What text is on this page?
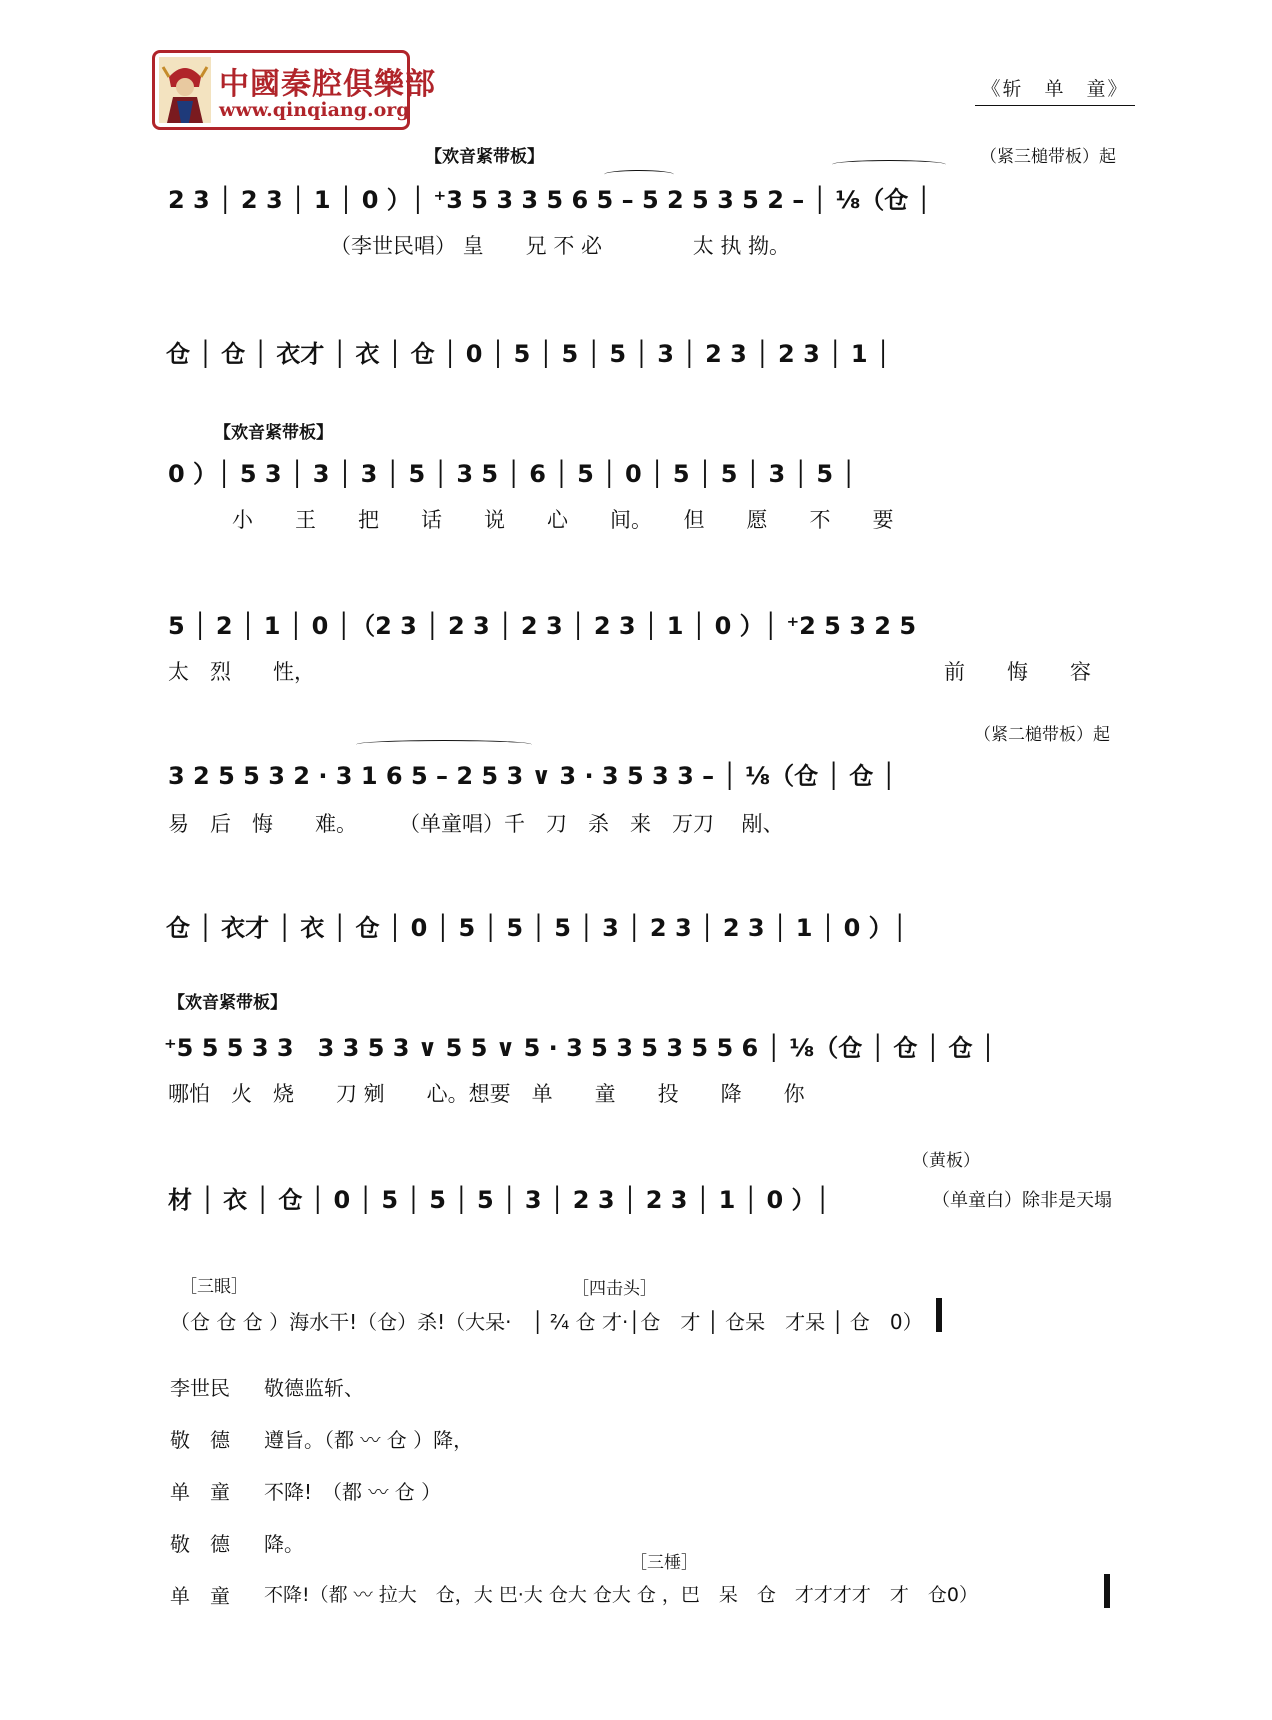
中國秦腔俱樂部
www.qinqiang.org
《斩　单　童》
【欢音紧带板】	（紧三槌带板）起
2 3 │ 2 3 │ 1 │ 0 ）│ ⁺3 5 3 3 5 6 5 – 5 2 5 3 5 2 – │ ⅛（仓 │
（李世民唱） 皇　　兄 不 必　　　　 太 执 拗。
仓 │ 仓 │ 衣才 │ 衣 │ 仓 │ 0 │ 5 │ 5 │ 5 │ 3 │ 2 3 │ 2 3 │ 1 │
【欢音紧带板】
0 ）│ 5 3 │ 3 │ 3 │ 5 │ 3 5 │ 6 │ 5 │ 0 │ 5 │ 5 │ 3 │ 5 │
小　　王　　把　　话　　说　　心　　间。　　但　　愿　　不　　要
5 │ 2 │ 1 │ 0 │（2 3 │ 2 3 │ 2 3 │ 2 3 │ 1 │ 0 ）│ ⁺2 5 3 2 5
太　烈　　性，	前　　悔　　容
（紧二槌带板）起
3 2 5 5 3 2 · 3 1 6 5 – 2 5 3 ∨ 3 · 3 5 3 3 – │ ⅛（仓 │ 仓 │
易　后　悔　　难。　　　（单童唱）千　刀　杀　来　万刀　 剐、
仓 │ 衣才 │ 衣 │ 仓 │ 0 │ 5 │ 5 │ 5 │ 3 │ 2 3 │ 2 3 │ 1 │ 0 ）│
【欢音紧带板】
⁺5 5 5 3 3　3 3 5 3 ∨ 5 5 ∨ 5 · 3 5 3 5 3 5 5 6 │ ⅛（仓 │ 仓 │ 仓 │
哪怕　火　烧　　刀 剜　　心。想要　单　　童　　投　　降　　你
（黄板）
材 │ 衣 │ 仓 │ 0 │ 5 │ 5 │ 5 │ 3 │ 2 3 │ 2 3 │ 1 │ 0 ）│	（单童白）除非是天塌
［三眼］	［四击头］
（仓 仓 仓 ）海水干!（仓）杀!（大呆·　│ ²⁄₄ 仓 才·│仓　才 │ 仓呆　才呆 │ 仓　0）
李世民 敬德监斩、
敬　德 遵旨。（都 〰 仓 ）降，
单　童 不降!　（都 〰 仓 ）
敬　德 降。
［三棰］
单　童 不降!（都 〰 拉大　仓，大 巴·大 仓大 仓大 仓 ，巴　呆　仓　才才才才　才　仓0）
